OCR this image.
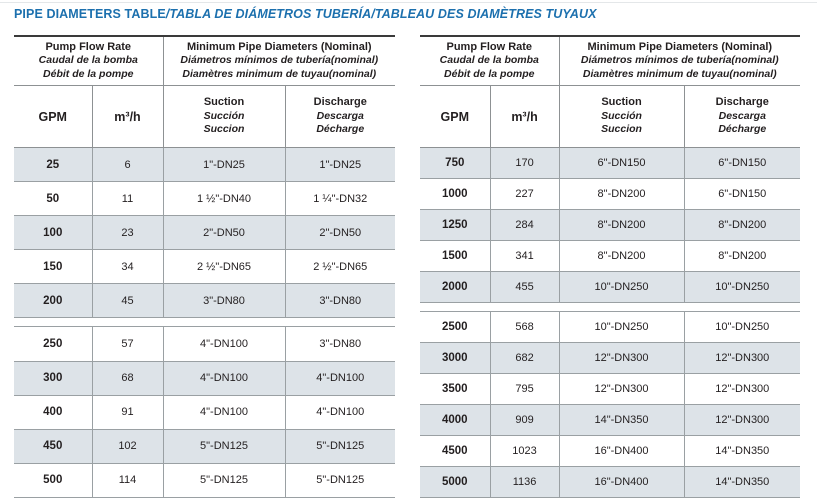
PIPE DIAMETERS TABLE/TABLA DE DIÁMETROS TUBERÍA/TABLEAU DES DIAMÈTRES TUYAUX
Pump Flow Rate
Caudal de la bomba
Débit de la pompe

Minimum Pipe Diameters (Nominal)
Diámetros mínimos de tubería(nominal)
Diamètres minimum de tuyau(nominal)

GPM	m³/h	
Suction
Succión
Succion

Discharge
Descarga
Décharge

25	6	1"-DN25	1"-DN25
50	11	1 ½"-DN40	1 ¼"-DN32
100	23	2"-DN50	2"-DN50
150	34	2 ½"-DN65	2 ½"-DN65
200	45	3"-DN80	3"-DN80

250	57	4"-DN100	3"-DN80
300	68	4"-DN100	4"-DN100
400	91	4"-DN100	4"-DN100
450	102	5"-DN125	5"-DN125
500	114	5"-DN125	5"-DN125
Pump Flow Rate
Caudal de la bomba
Débit de la pompe

Minimum Pipe Diameters (Nominal)
Diámetros mínimos de tubería(nominal)
Diamètres minimum de tuyau(nominal)

GPM	m³/h	
Suction
Succión
Succion

Discharge
Descarga
Décharge

750	170	6"-DN150	6"-DN150
1000	227	8"-DN200	6"-DN150
1250	284	8"-DN200	8"-DN200
1500	341	8"-DN200	8"-DN200
2000	455	10"-DN250	10"-DN250

2500	568	10"-DN250	10"-DN250
3000	682	12"-DN300	12"-DN300
3500	795	12"-DN300	12"-DN300
4000	909	14"-DN350	12"-DN300
4500	1023	16"-DN400	14"-DN350
5000	1136	16"-DN400	14"-DN350
